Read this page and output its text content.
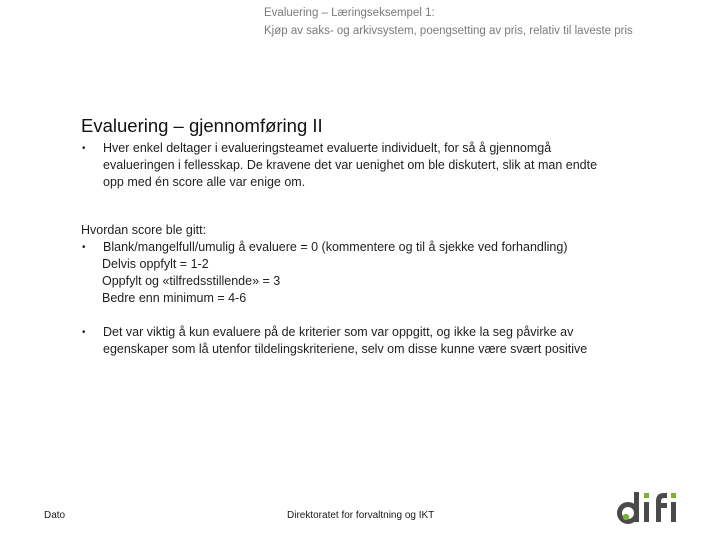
Evaluering – Læringseksempel 1:
Kjøp av saks- og arkivsystem, poengsetting av pris, relativ til laveste pris
Evaluering – gjennomføring II
•	Hver enkel deltager i evalueringsteamet evaluerte individuelt, for så å gjennomgå
evalueringen i fellesskap. De kravene det var uenighet om ble diskutert, slik at man endte
opp med én score alle var enige om.
Hvordan score ble gitt:
•	Blank/mangelfull/umulig å evaluere = 0 (kommentere og til å sjekke ved forhandling)
Delvis oppfylt = 1-2
Oppfylt og «tilfredsstillende» = 3
Bedre enn minimum = 4-6
•	Det var viktig å kun evaluere på de kriterier som var oppgitt, og ikke la seg påvirke av
egenskaper som lå utenfor tildelingskriteriene, selv om disse kunne være svært positive
Dato	Direktoratet for forvaltning og IKT
